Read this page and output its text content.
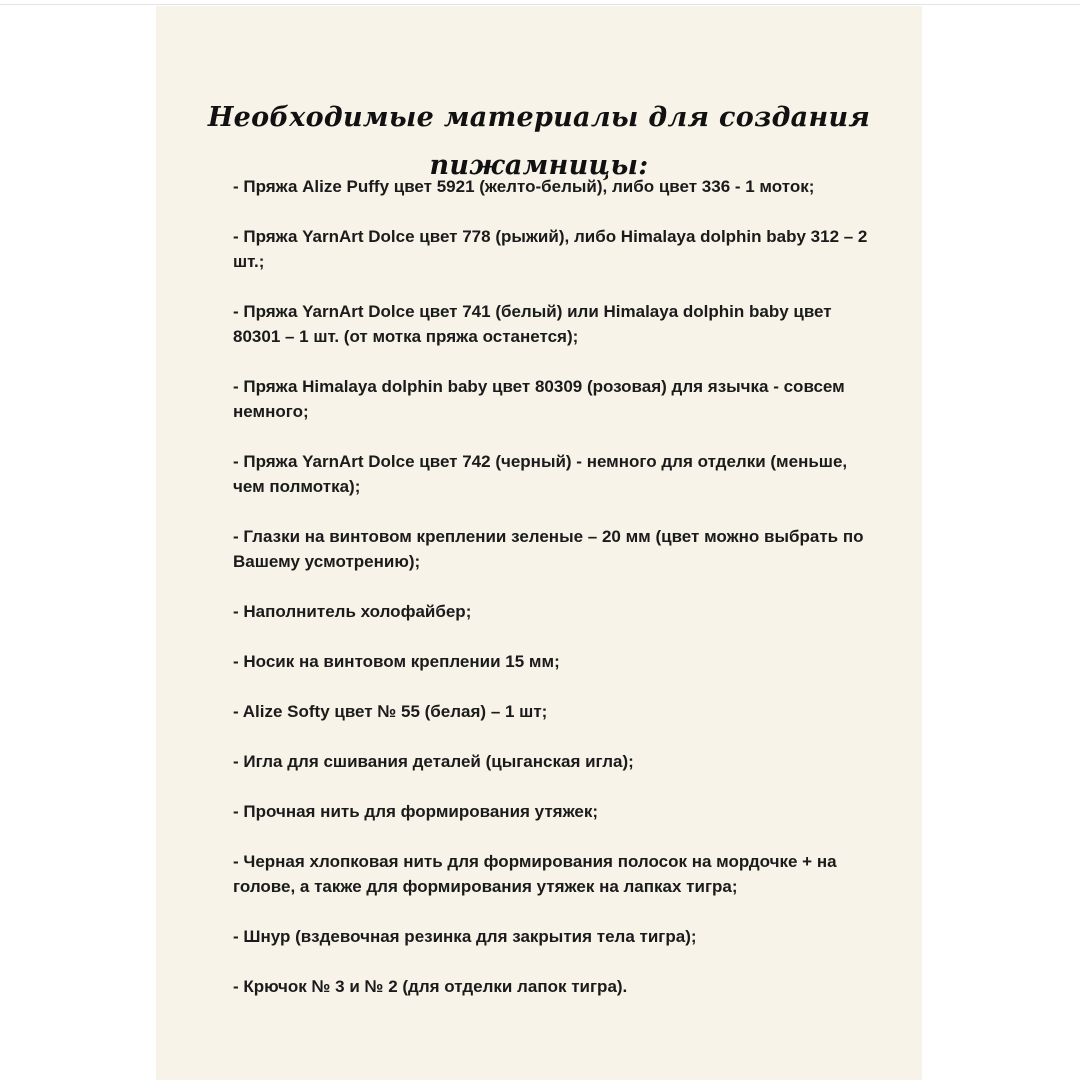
Необходимые материалы для создания
пижамницы:
- Пряжа Alize Puffy цвет 5921 (желто-белый), либо цвет 336 - 1 моток;
- Пряжа YarnArt Dolce цвет 778 (рыжий), либо Himalaya dolphin baby 312 – 2 шт.;
- Пряжа YarnArt Dolce цвет 741 (белый) или Himalaya dolphin baby цвет 80301 – 1 шт. (от мотка пряжа останется);
- Пряжа Himalaya dolphin baby цвет 80309 (розовая) для язычка - совсем немного;
- Пряжа YarnArt Dolce цвет 742 (черный) - немного для отделки (меньше, чем полмотка);
- Глазки на винтовом креплении зеленые – 20 мм (цвет можно выбрать по Вашему усмотрению);
- Наполнитель холофайбер;
- Носик на винтовом креплении 15 мм;
- Alize Softy цвет № 55 (белая) – 1 шт;
- Игла для сшивания деталей (цыганская игла);
- Прочная нить для формирования утяжек;
- Черная хлопковая нить для формирования полосок на мордочке + на голове, а также для формирования утяжек на лапках тигра;
- Шнур (вздевочная резинка для закрытия тела тигра);
- Крючок № 3 и № 2 (для отделки лапок тигра).
